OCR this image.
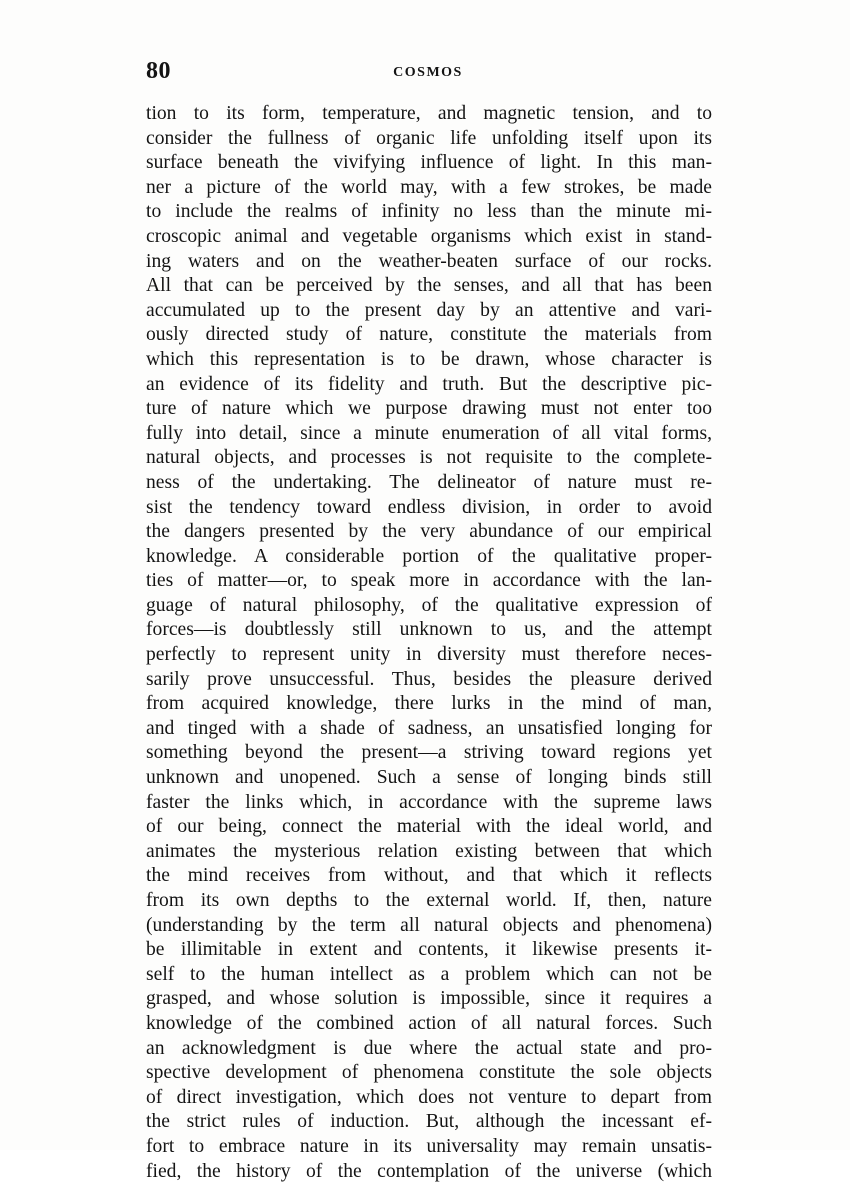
80	COSMOS
tion to its form, temperature, and magnetic tension, and to
consider the fullness of organic life unfolding itself upon its
surface beneath the vivifying influence of light. In this man-
ner a picture of the world may, with a few strokes, be made
to include the realms of infinity no less than the minute mi-
croscopic animal and vegetable organisms which exist in stand-
ing waters and on the weather-beaten surface of our rocks.
All that can be perceived by the senses, and all that has been
accumulated up to the present day by an attentive and vari-
ously directed study of nature, constitute the materials from
which this representation is to be drawn, whose character is
an evidence of its fidelity and truth. But the descriptive pic-
ture of nature which we purpose drawing must not enter too
fully into detail, since a minute enumeration of all vital forms,
natural objects, and processes is not requisite to the complete-
ness of the undertaking. The delineator of nature must re-
sist the tendency toward endless division, in order to avoid
the dangers presented by the very abundance of our empirical
knowledge. A considerable portion of the qualitative proper-
ties of matter—or, to speak more in accordance with the lan-
guage of natural philosophy, of the qualitative expression of
forces—is doubtlessly still unknown to us, and the attempt
perfectly to represent unity in diversity must therefore neces-
sarily prove unsuccessful. Thus, besides the pleasure derived
from acquired knowledge, there lurks in the mind of man,
and tinged with a shade of sadness, an unsatisfied longing for
something beyond the present—a striving toward regions yet
unknown and unopened. Such a sense of longing binds still
faster the links which, in accordance with the supreme laws
of our being, connect the material with the ideal world, and
animates the mysterious relation existing between that which
the mind receives from without, and that which it reflects
from its own depths to the external world. If, then, nature
(understanding by the term all natural objects and phenomena)
be illimitable in extent and contents, it likewise presents it-
self to the human intellect as a problem which can not be
grasped, and whose solution is impossible, since it requires a
knowledge of the combined action of all natural forces. Such
an acknowledgment is due where the actual state and pro-
spective development of phenomena constitute the sole objects
of direct investigation, which does not venture to depart from
the strict rules of induction. But, although the incessant ef-
fort to embrace nature in its universality may remain unsatis-
fied, the history of the contemplation of the universe (which
